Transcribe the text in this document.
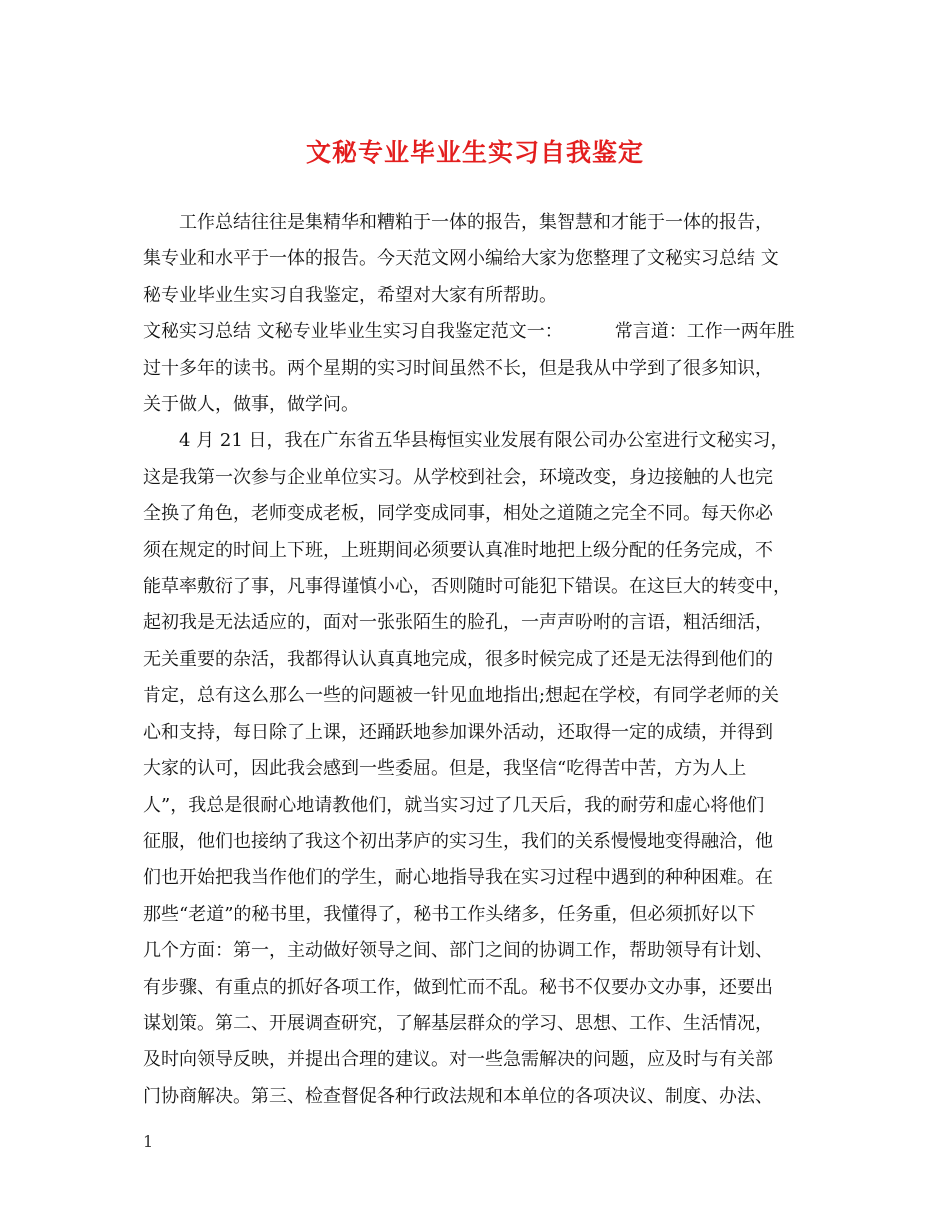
文秘专业毕业生实习自我鉴定

工作总结往往是集精华和糟粕于一体的报告，集智慧和才能于一体的报告，

集专业和水平于一体的报告。今天范文网小编给大家为您整理了文秘实习总结 文

秘专业毕业生实习自我鉴定，希望对大家有所帮助。

文秘实习总结 文秘专业毕业生实习自我鉴定范文一：	常言道：工作一两年胜

过十多年的读书。两个星期的实习时间虽然不长，但是我从中学到了很多知识，

关于做人，做事，做学问。

4 月 21 日，我在广东省五华县梅恒实业发展有限公司办公室进行文秘实习，

这是我第一次参与企业单位实习。从学校到社会，环境改变，身边接触的人也完

全换了角色，老师变成老板，同学变成同事，相处之道随之完全不同。每天你必

须在规定的时间上下班，上班期间必须要认真准时地把上级分配的任务完成，不

能草率敷衍了事，凡事得谨慎小心，否则随时可能犯下错误。在这巨大的转变中，

起初我是无法适应的，面对一张张陌生的脸孔，一声声吩咐的言语，粗活细活，

无关重要的杂活，我都得认认真真地完成，很多时候完成了还是无法得到他们的

肯定，总有这么那么一些的问题被一针见血地指出;想起在学校，有同学老师的关

心和支持，每日除了上课，还踊跃地参加课外活动，还取得一定的成绩，并得到

大家的认可，因此我会感到一些委屈。但是，我坚信“吃得苦中苦，方为人上

人”，我总是很耐心地请教他们，就当实习过了几天后，我的耐劳和虚心将他们

征服，他们也接纳了我这个初出茅庐的实习生，我们的关系慢慢地变得融洽，他

们也开始把我当作他们的学生，耐心地指导我在实习过程中遇到的种种困难。在

那些“老道”的秘书里，我懂得了，秘书工作头绪多，任务重，但必须抓好以下

几个方面：第一，主动做好领导之间、部门之间的协调工作，帮助领导有计划、

有步骤、有重点的抓好各项工作，做到忙而不乱。秘书不仅要办文办事，还要出

谋划策。第二、开展调查研究，了解基层群众的学习、思想、工作、生活情况，

及时向领导反映，并提出合理的建议。对一些急需解决的问题，应及时与有关部

门协商解决。第三、检查督促各种行政法规和本单位的各项决议、制度、办法、

1
